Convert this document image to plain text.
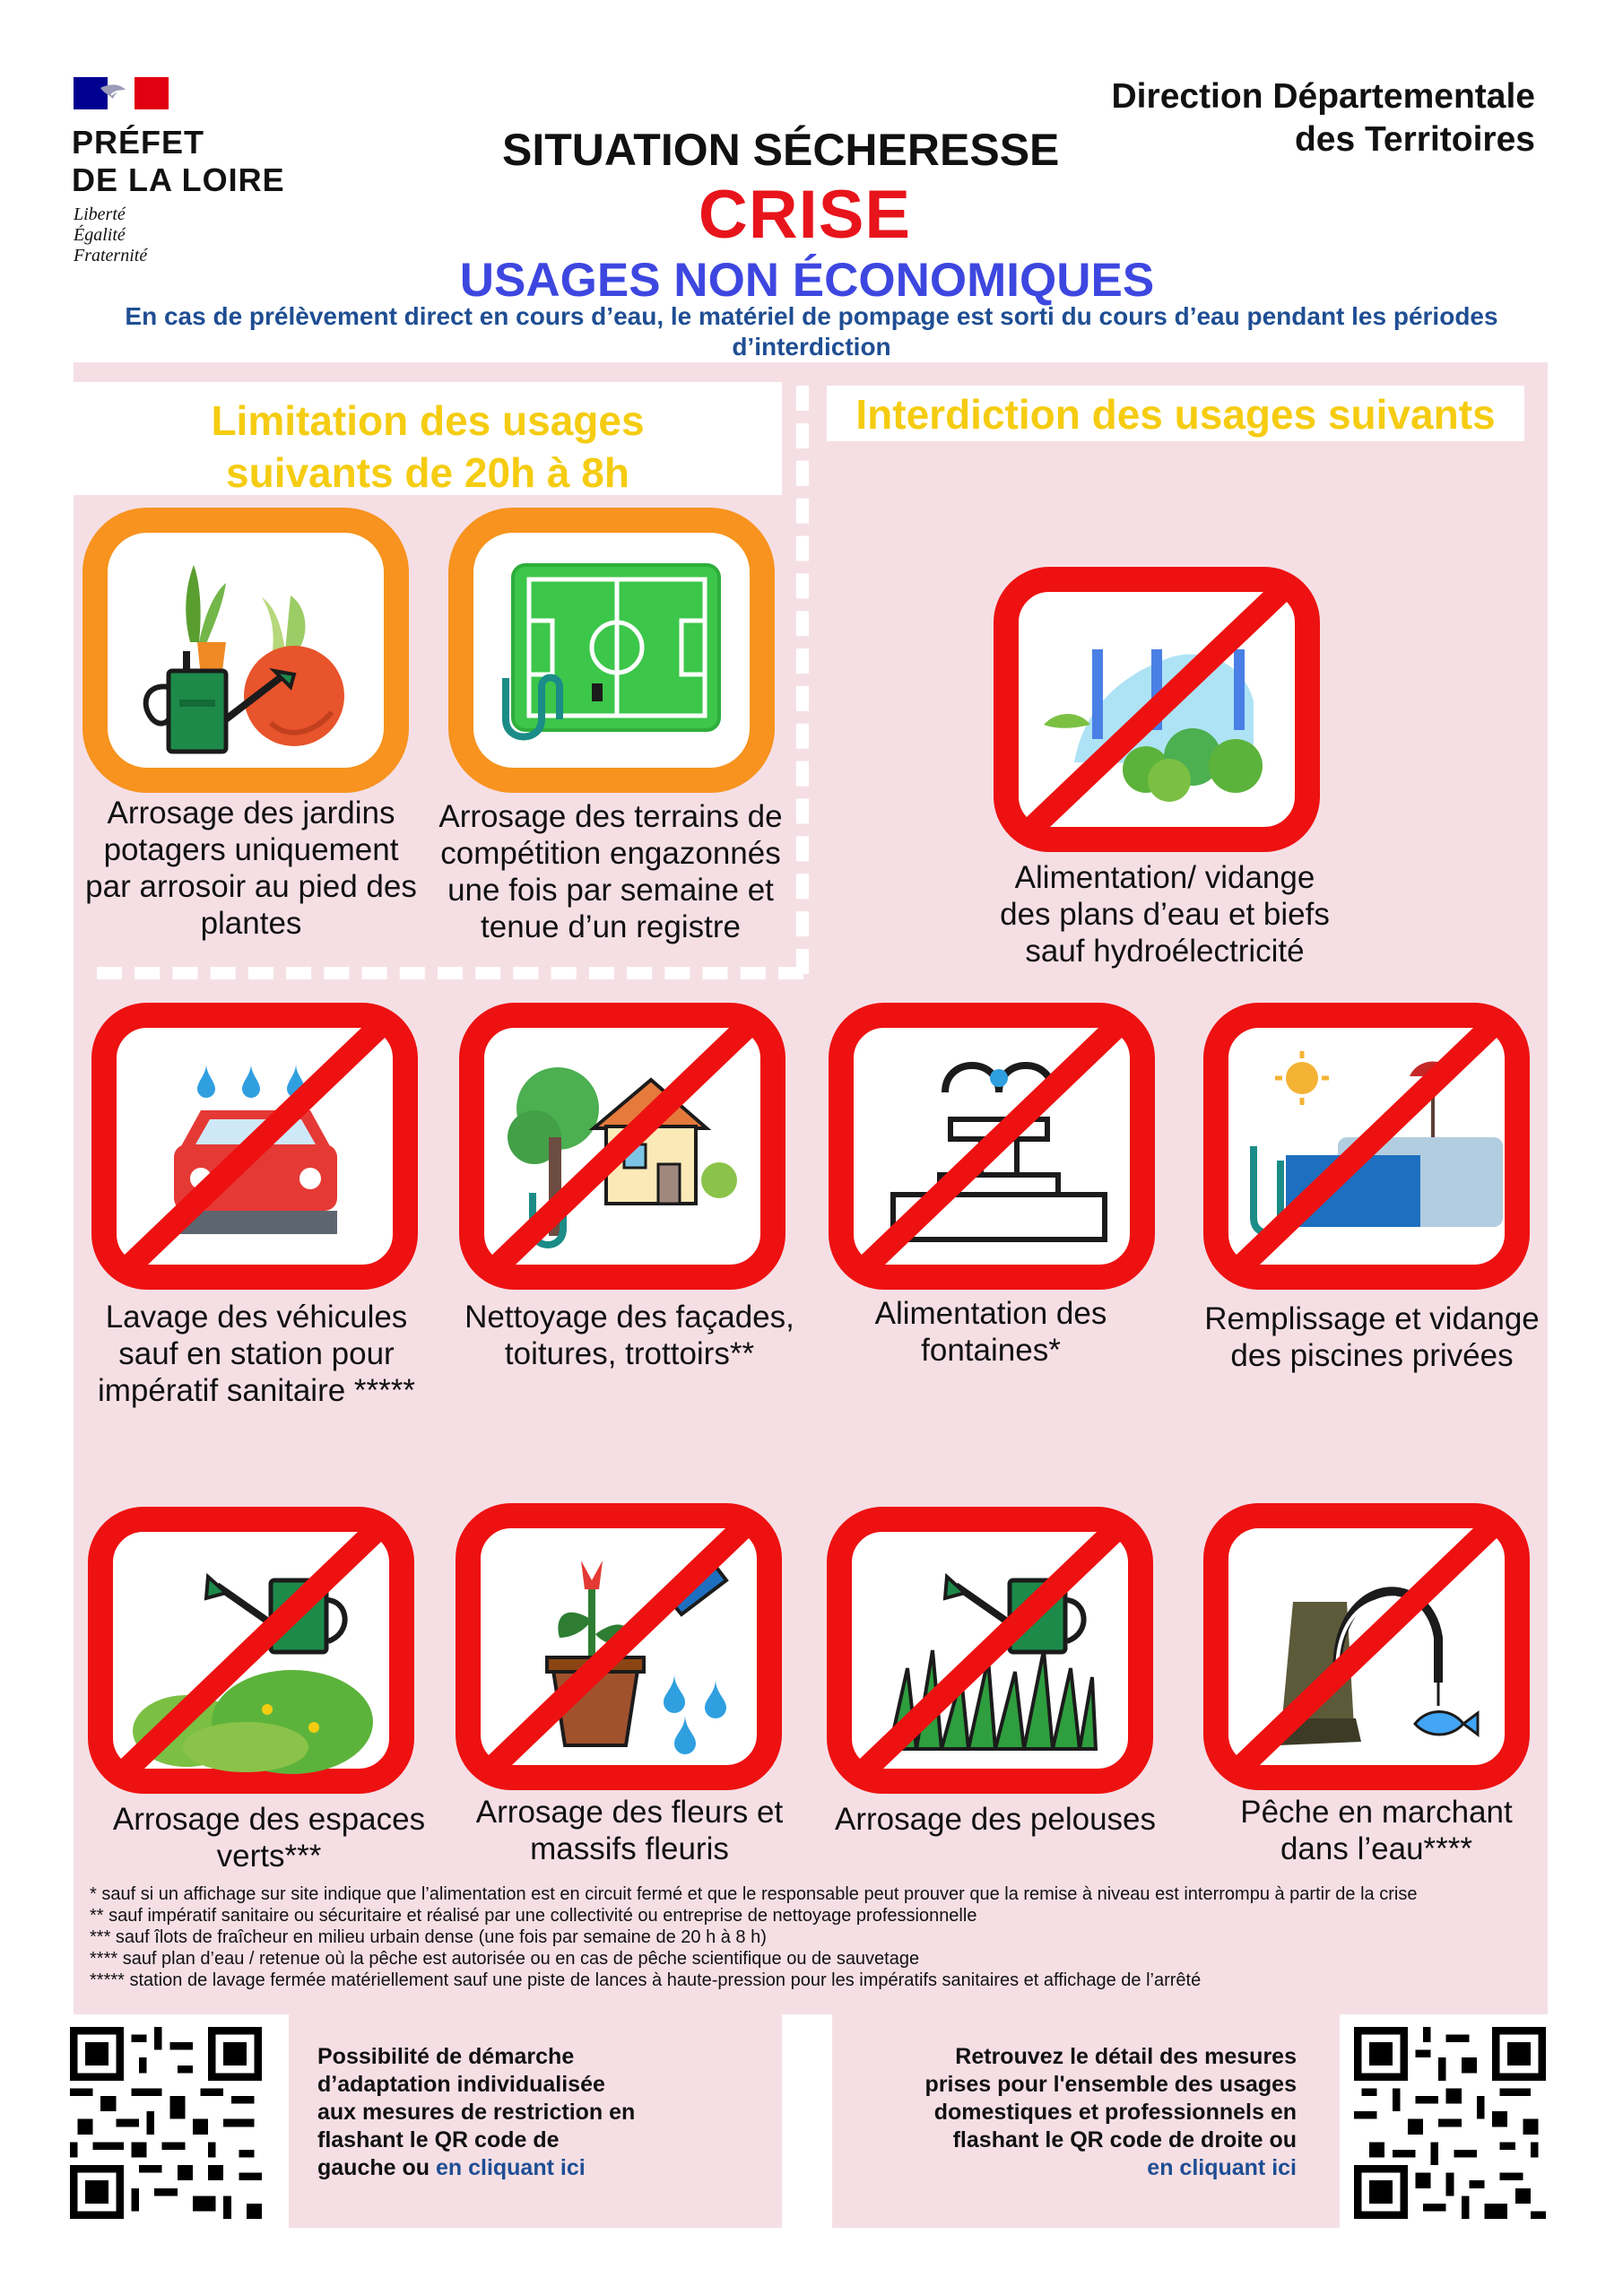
PRÉFET
DE LA LOIRE
Liberté
Égalité
Fraternité
Direction Départementale
des Territoires
SITUATION SÉCHERESSE
CRISE
USAGES NON ÉCONOMIQUES
En cas de prélèvement direct en cours d’eau, le matériel de pompage est sorti du cours d’eau pendant les périodes d’interdiction
Limitation des usages suivants de 20h à 8h
Interdiction des usages suivants
Arrosage des jardins potagers uniquement par arrosoir au pied des plantes
Arrosage des terrains de compétition engazonnés une fois par semaine et tenue d’un registre
Alimentation/ vidange des plans d’eau et biefs sauf hydroélectricité
Lavage des véhicules sauf en station pour impératif sanitaire *****
Nettoyage des façades, toitures, trottoirs**
Alimentation des fontaines*
Remplissage et vidange des piscines privées
Arrosage des espaces verts***
Arrosage des fleurs et massifs fleuris
Arrosage des pelouses	Pêche en marchant dans l’eau****
* sauf si un affichage sur site indique que l’alimentation est en circuit fermé et que le responsable peut prouver que la remise à niveau est interrompu à partir de la crise
** sauf impératif sanitaire ou sécuritaire et réalisé par une collectivité ou entreprise de nettoyage professionnelle
*** sauf îlots de fraîcheur en milieu urbain dense (une fois par semaine de 20 h à 8 h)
**** sauf plan d’eau / retenue où la pêche est autorisée ou en cas de pêche scientifique ou de sauvetage
***** station de lavage fermée matériellement sauf une piste de lances à haute-pression pour les impératifs sanitaires et affichage de l’arrêté
Possibilité de démarche
d’adaptation individualisée
aux mesures de restriction en
flashant le QR code de
gauche ou en cliquant ici
Retrouvez le détail des mesures
prises pour l'ensemble des usages
domestiques et professionnels en
flashant le QR code de droite ou
en cliquant ici
